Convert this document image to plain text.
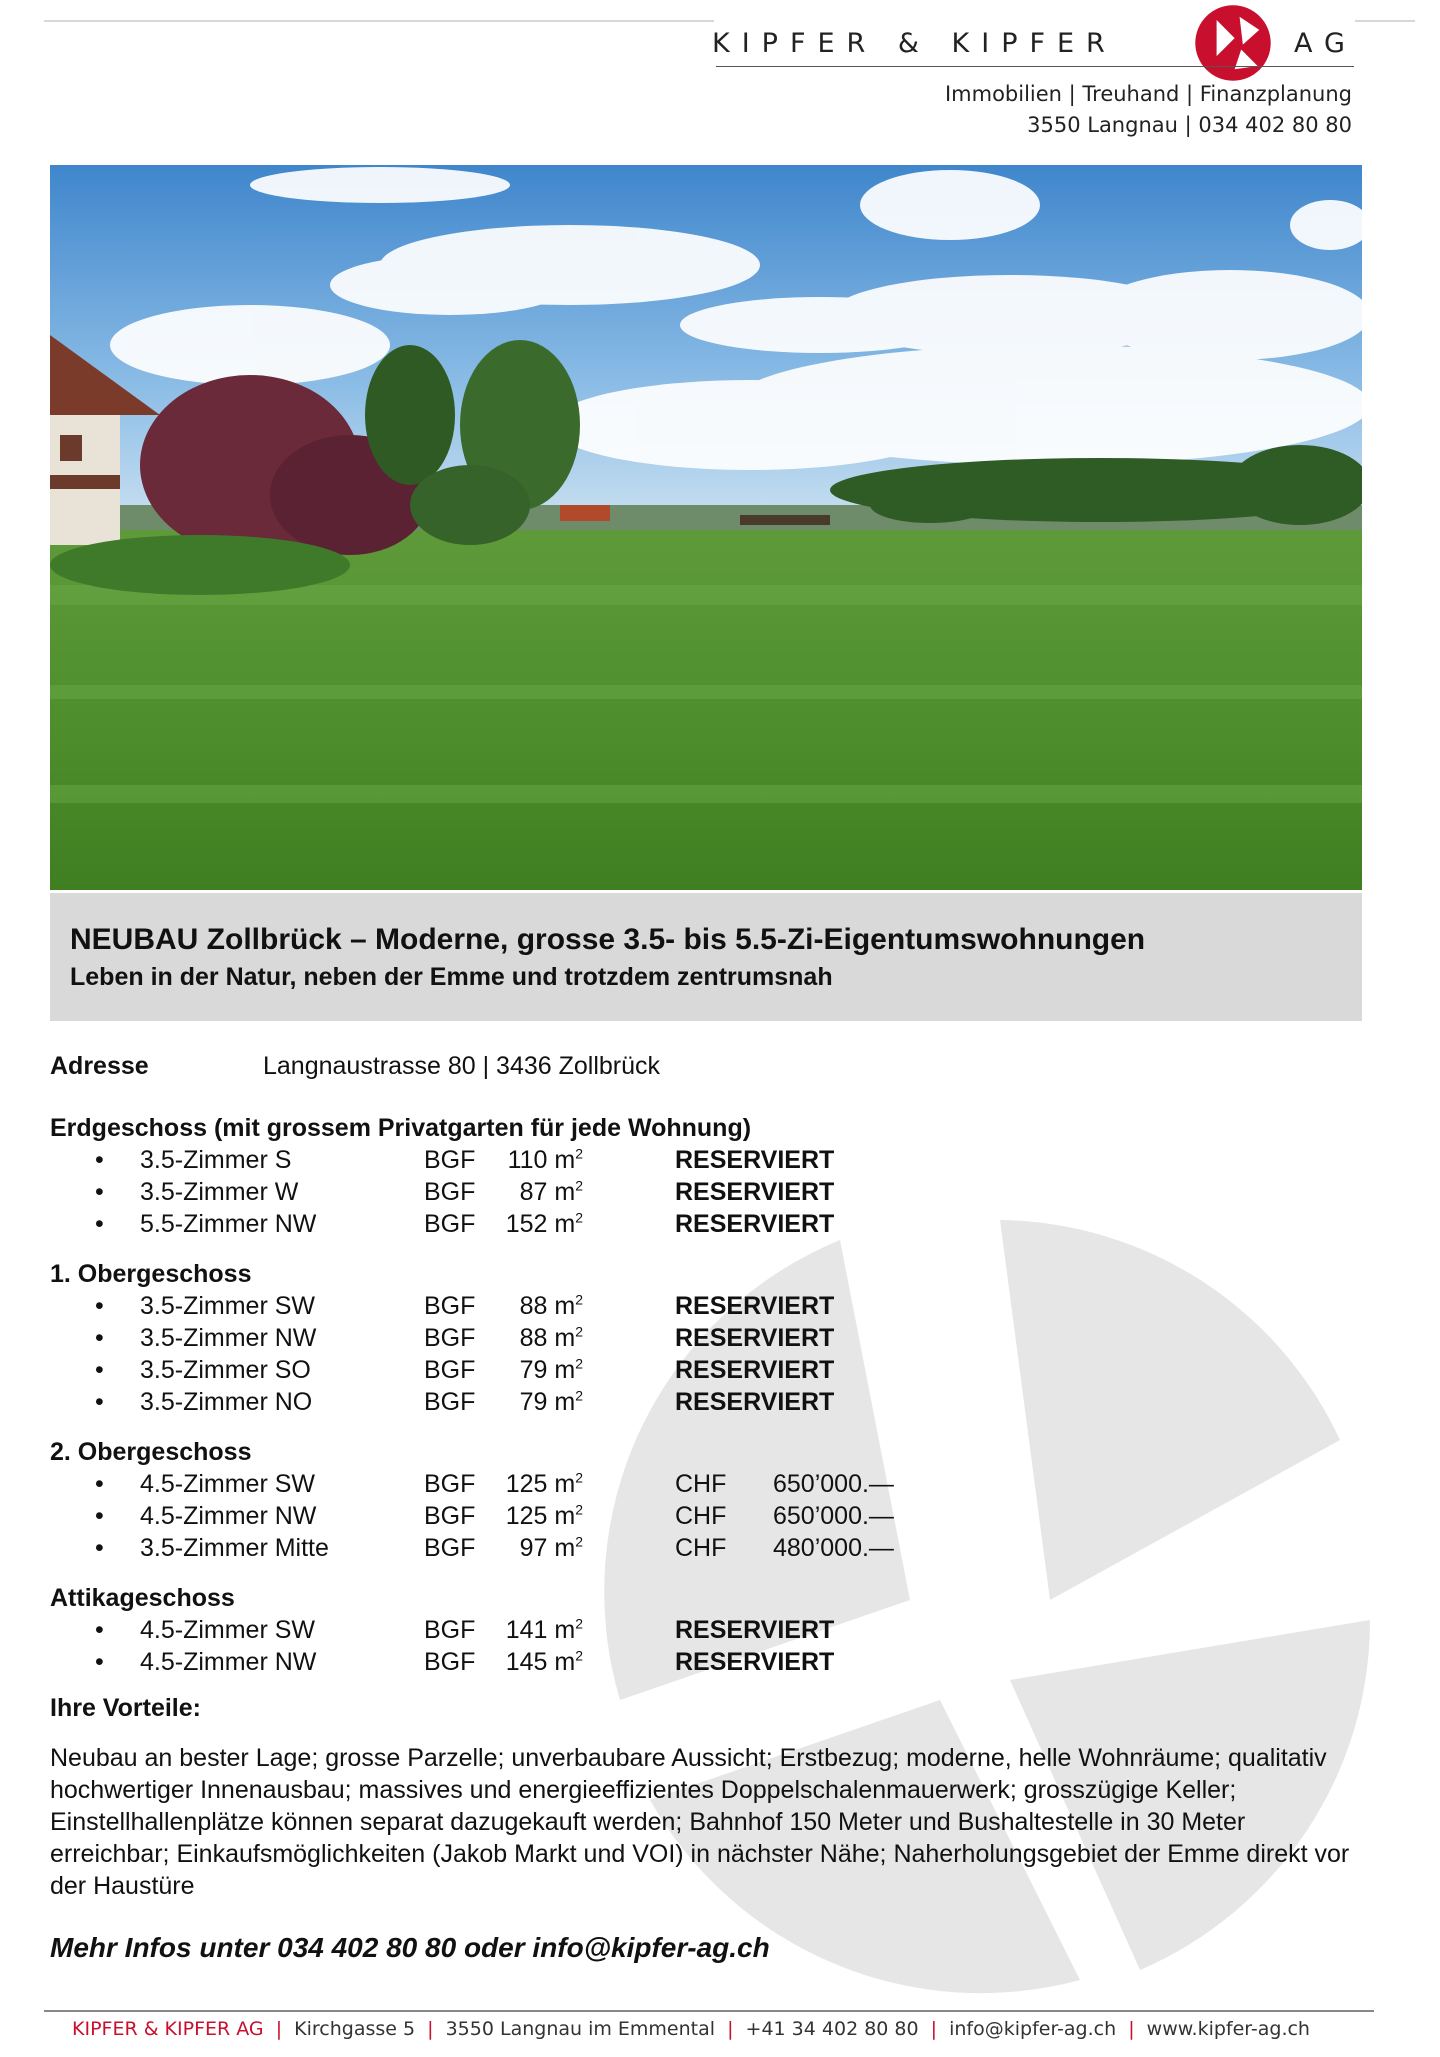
KIPFER & KIPFER	AG
Immobilien | Treuhand | Finanzplanung
3550 Langnau | 034 402 80 80
NEUBAU Zollbrück – Moderne, grosse 3.5- bis 5.5-Zi-Eigentumswohnungen
Leben in der Natur, neben der Emme und trotzdem zentrumsnah
Adresse	Langnaustrasse 80 | 3436 Zollbrück
Erdgeschoss (mit grossem Privatgarten für jede Wohnung)
• 3.5-Zimmer S	BGF	110 $m^2$	RESERVIERT
• 3.5-Zimmer W	BGF	87 $m^2$	RESERVIERT
• 5.5-Zimmer NW	BGF	152 $m^2$	RESERVIERT
1. Obergeschoss
• 3.5-Zimmer SW	BGF	88 $m^2$	RESERVIERT
• 3.5-Zimmer NW	BGF	88 $m^2$	RESERVIERT
• 3.5-Zimmer SO	BGF	79 $m^2$	RESERVIERT
• 3.5-Zimmer NO	BGF	79 $m^2$	RESERVIERT
2. Obergeschoss
• 4.5-Zimmer SW	BGF	125 $m^2$	CHF 650’000.—
• 4.5-Zimmer NW	BGF	125 $m^2$	CHF 650’000.—
• 3.5-Zimmer Mitte	BGF	97 $m^2$	CHF 480’000.—
Attikageschoss
• 4.5-Zimmer SW	BGF	141 $m^2$	RESERVIERT
• 4.5-Zimmer NW	BGF	145 $m^2$	RESERVIERT
Ihre Vorteile:
Neubau an bester Lage; grosse Parzelle; unverbaubare Aussicht; Erstbezug; moderne, helle Wohnräume; qualitativ hochwertiger Innenausbau; massives und energieeffizientes Doppelschalenmauerwerk; grosszügige Keller; Einstellhallenplätze können separat dazugekauft werden; Bahnhof 150 Meter und Bushaltestelle in 30 Meter erreichbar; Einkaufsmöglichkeiten (Jakob Markt und VOI) in nächster Nähe; Naherholungsgebiet der Emme direkt vor der Haustüre
Mehr Infos unter 034 402 80 80 oder info@kipfer-ag.ch
KIPFER & KIPFER AG | Kirchgasse 5 | 3550 Langnau im Emmental | +41 34 402 80 80 | info@kipfer-ag.ch | www.kipfer-ag.ch
